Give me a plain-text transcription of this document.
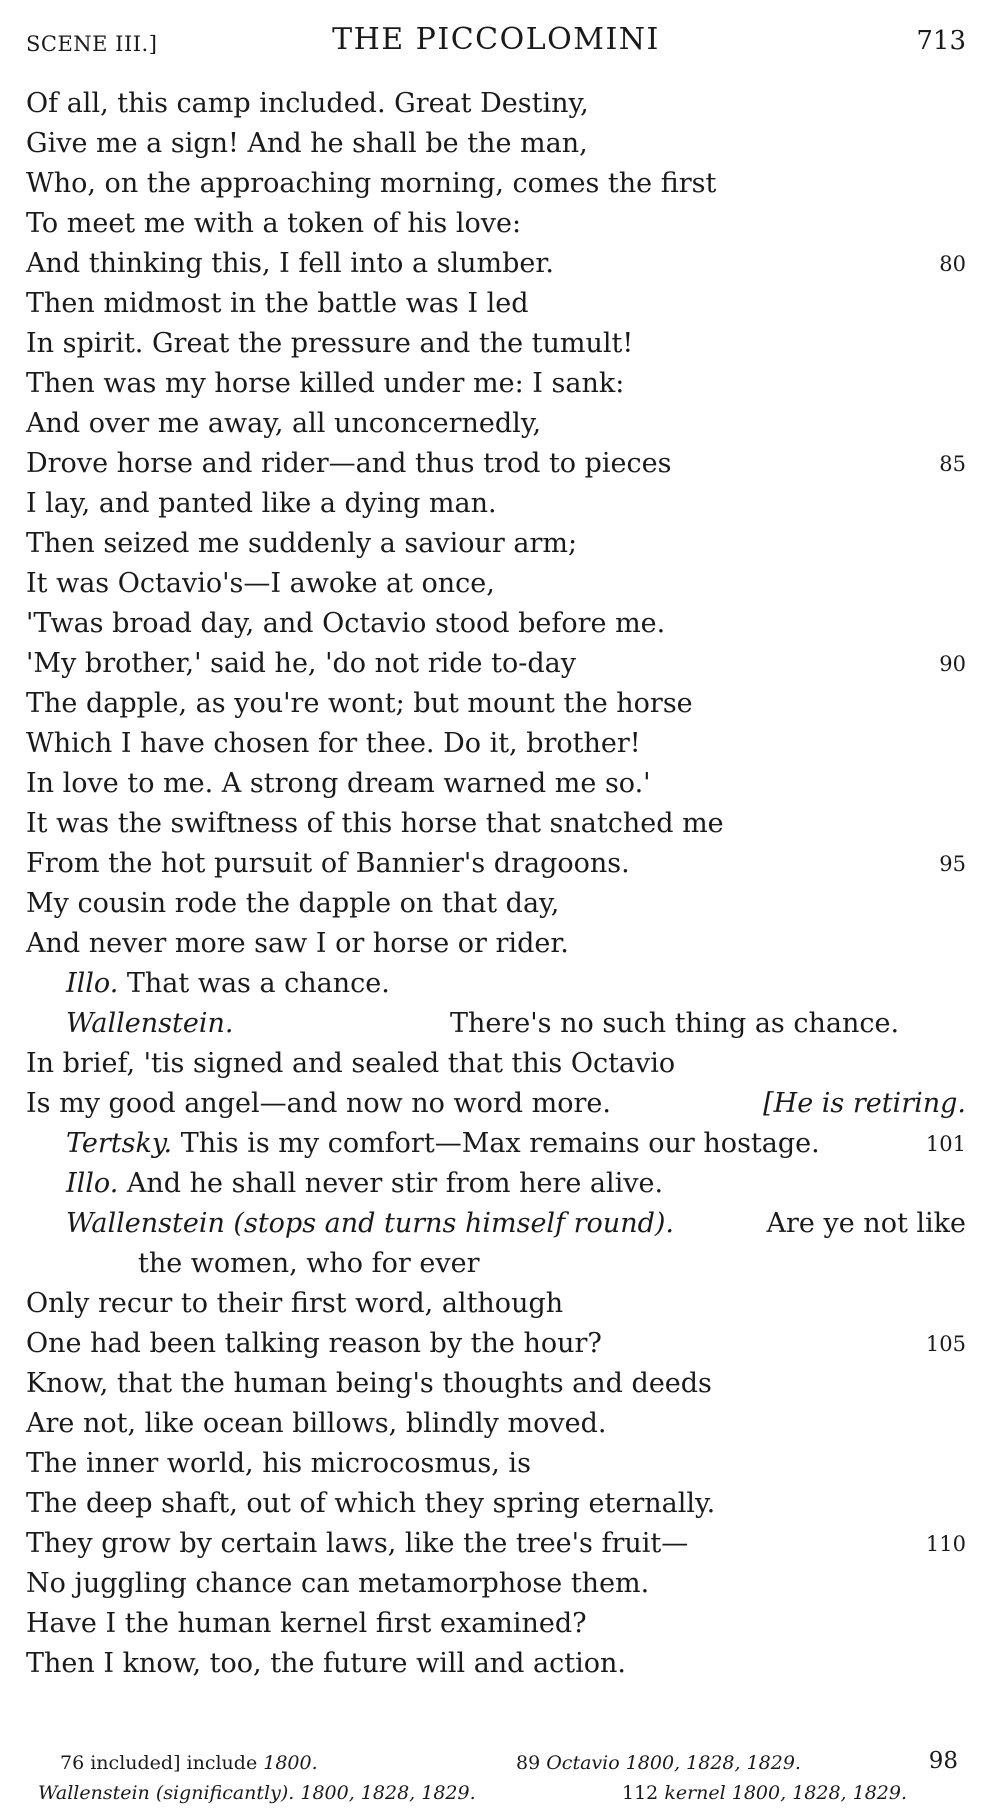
SCENE III.]	THE PICCOLOMINI	713
Of all, this camp included. Great Destiny,
Give me a sign! And he shall be the man,
Who, on the approaching morning, comes the first
To meet me with a token of his love:
And thinking this, I fell into a slumber.	80
Then midmost in the battle was I led
In spirit. Great the pressure and the tumult!
Then was my horse killed under me: I sank:
And over me away, all unconcernedly,
Drove horse and rider—and thus trod to pieces	85
I lay, and panted like a dying man.
Then seized me suddenly a saviour arm;
It was Octavio's—I awoke at once,
'Twas broad day, and Octavio stood before me.
'My brother,' said he, 'do not ride to-day	90
The dapple, as you're wont; but mount the horse
Which I have chosen for thee. Do it, brother!
In love to me. A strong dream warned me so.'
It was the swiftness of this horse that snatched me
From the hot pursuit of Bannier's dragoons.	95
My cousin rode the dapple on that day,
And never more saw I or horse or rider.
Illo. That was a chance.
Wallenstein.	There's no such thing as chance.
In brief, 'tis signed and sealed that this Octavio
Is my good angel—and now no word more.	[He is retiring.
Tertsky. This is my comfort—Max remains our hostage.	101
Illo. And he shall never stir from here alive.
Wallenstein (stops and turns himself round).	Are ye not like
the women, who for ever
Only recur to their first word, although
One had been talking reason by the hour?	105
Know, that the human being's thoughts and deeds
Are not, like ocean billows, blindly moved.
The inner world, his microcosmus, is
The deep shaft, out of which they spring eternally.
They grow by certain laws, like the tree's fruit—	110
No juggling chance can metamorphose them.
Have I the human kernel first examined?
Then I know, too, the future will and action.
76 included] include 1800.	89 Octavio 1800, 1828, 1829.	98
Wallenstein (significantly). 1800, 1828, 1829.	112 kernel 1800, 1828, 1829.
